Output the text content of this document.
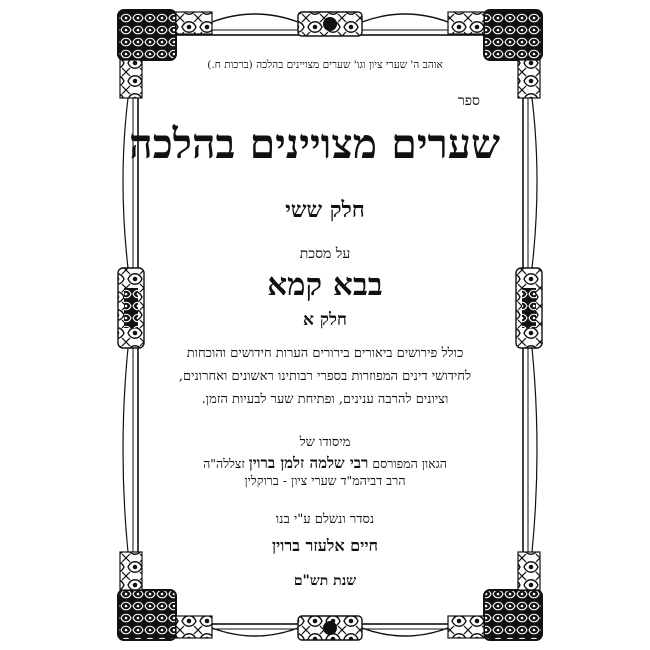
אוהב ה' שערי ציון וגו' שערים מצויינים בהלכה (ברכות ח.)
ספר
שערים מצויינים בהלכה
חלק ששי
על מסכת
בבא קמא
חלק א
כולל פירושים ביאורים בירורים הערות חידושים והוכחות
לחידושי דינים המפוזרות בספרי רבותינו ראשונים ואחרונים,
וציונים להרבה ענינים, ופתיחת שער לבעיות הזמן.
מיסודו של
הגאון המפורסם רבי שלמה זלמן ברוין זצללה"ה
הרב דביהמ"ד שערי ציון - ברוקלין
נסדר ונשלם ע"י בנו
חיים אלעזר ברוין
שנת תש"ם
